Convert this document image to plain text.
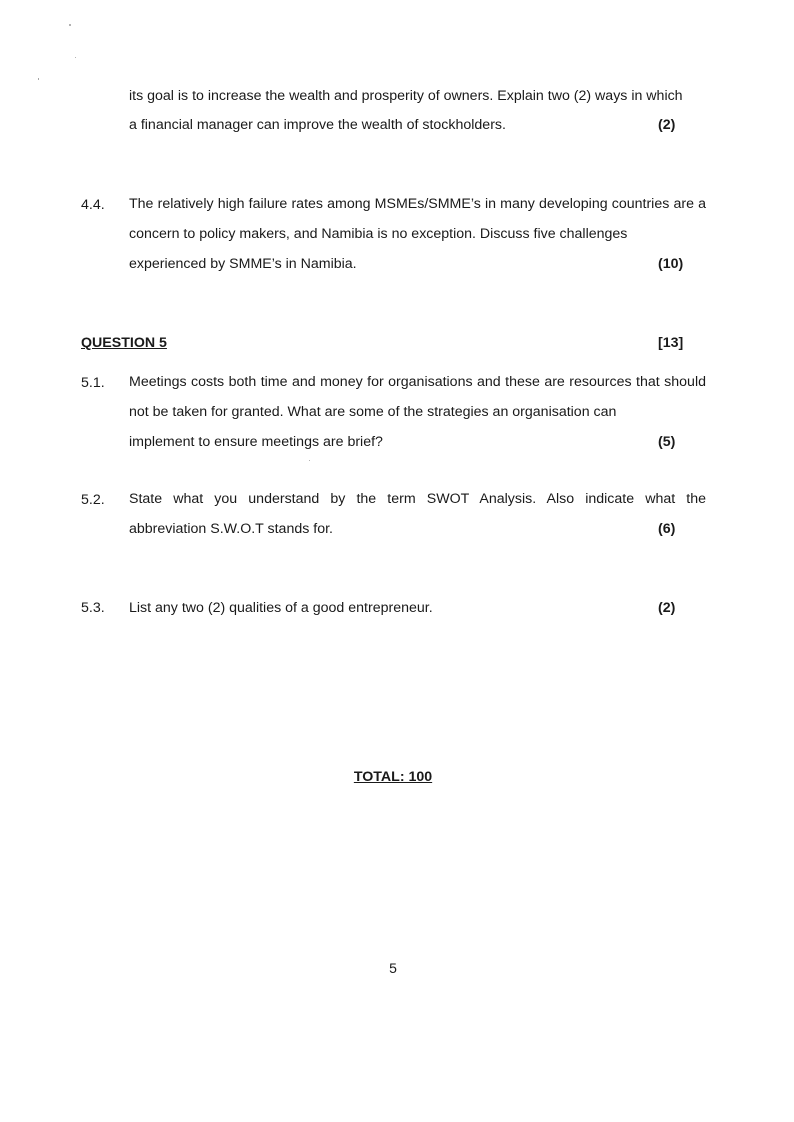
its goal is to increase the wealth and prosperity of owners. Explain two (2) ways in which
a financial manager can improve the wealth of stockholders.	(2)
4.4. The relatively high failure rates among MSMEs/SMME’s in many developing countries are a concern to policy makers, and Namibia is no exception. Discuss five challenges
experienced by SMME’s in Namibia.	(10)
QUESTION 5	[13]
5.1. Meetings costs both time and money for organisations and these are resources that should not be taken for granted. What are some of the strategies an organisation can
implement to ensure meetings are brief?	(5)
5.2. State what you understand by the term SWOT Analysis. Also indicate what the
abbreviation S.W.O.T stands for.	(6)
5.3. List any two (2) qualities of a good entrepreneur.	(2)
TOTAL: 100
5
